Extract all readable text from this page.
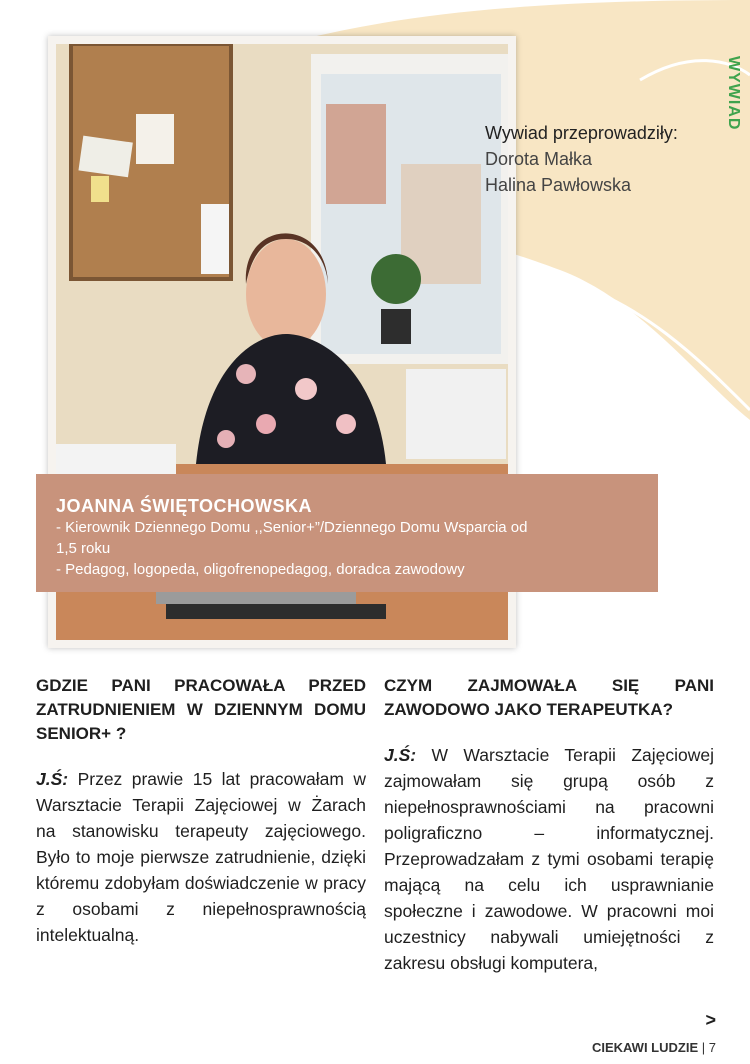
WYWIAD
Wywiad przeprowadziły:
Dorota Małka
Halina Pawłowska
JOANNA ŚWIĘTOCHOWSKA
- Kierownik Dziennego Domu ,,Senior+”/Dziennego Domu Wsparcia od
1,5 roku
- Pedagog, logopeda, oligofrenopedagog, doradca zawodowy
GDZIE PANI PRACOWAŁA PRZED ZATRUDNIENIEM W DZIENNYM DOMU SENIOR+ ?
J.Ś: Przez prawie 15 lat pracowałam w Warsztacie Terapii Zajęciowej w Żarach na stanowisku terapeuty zajęciowego. Było to moje pierwsze zatrudnienie, dzięki któremu zdobyłam doświadczenie w pracy z osobami z niepełnosprawnością intelektualną.
CZYM ZAJMOWAŁA SIĘ PANI ZAWODOWO JAKO TERAPEUTKA?
J.Ś: W Warsztacie Terapii Zajęciowej zajmowałam się grupą osób z niepełnosprawnościami na pracowni poligraficzno – informatycznej. Przeprowadzałam z tymi osobami terapię mającą na celu ich usprawnianie społeczne i zawodowe. W pracowni moi uczestnicy nabywali umiejętności z zakresu obsługi komputera,
>
CIEKAWI LUDZIE | 7
